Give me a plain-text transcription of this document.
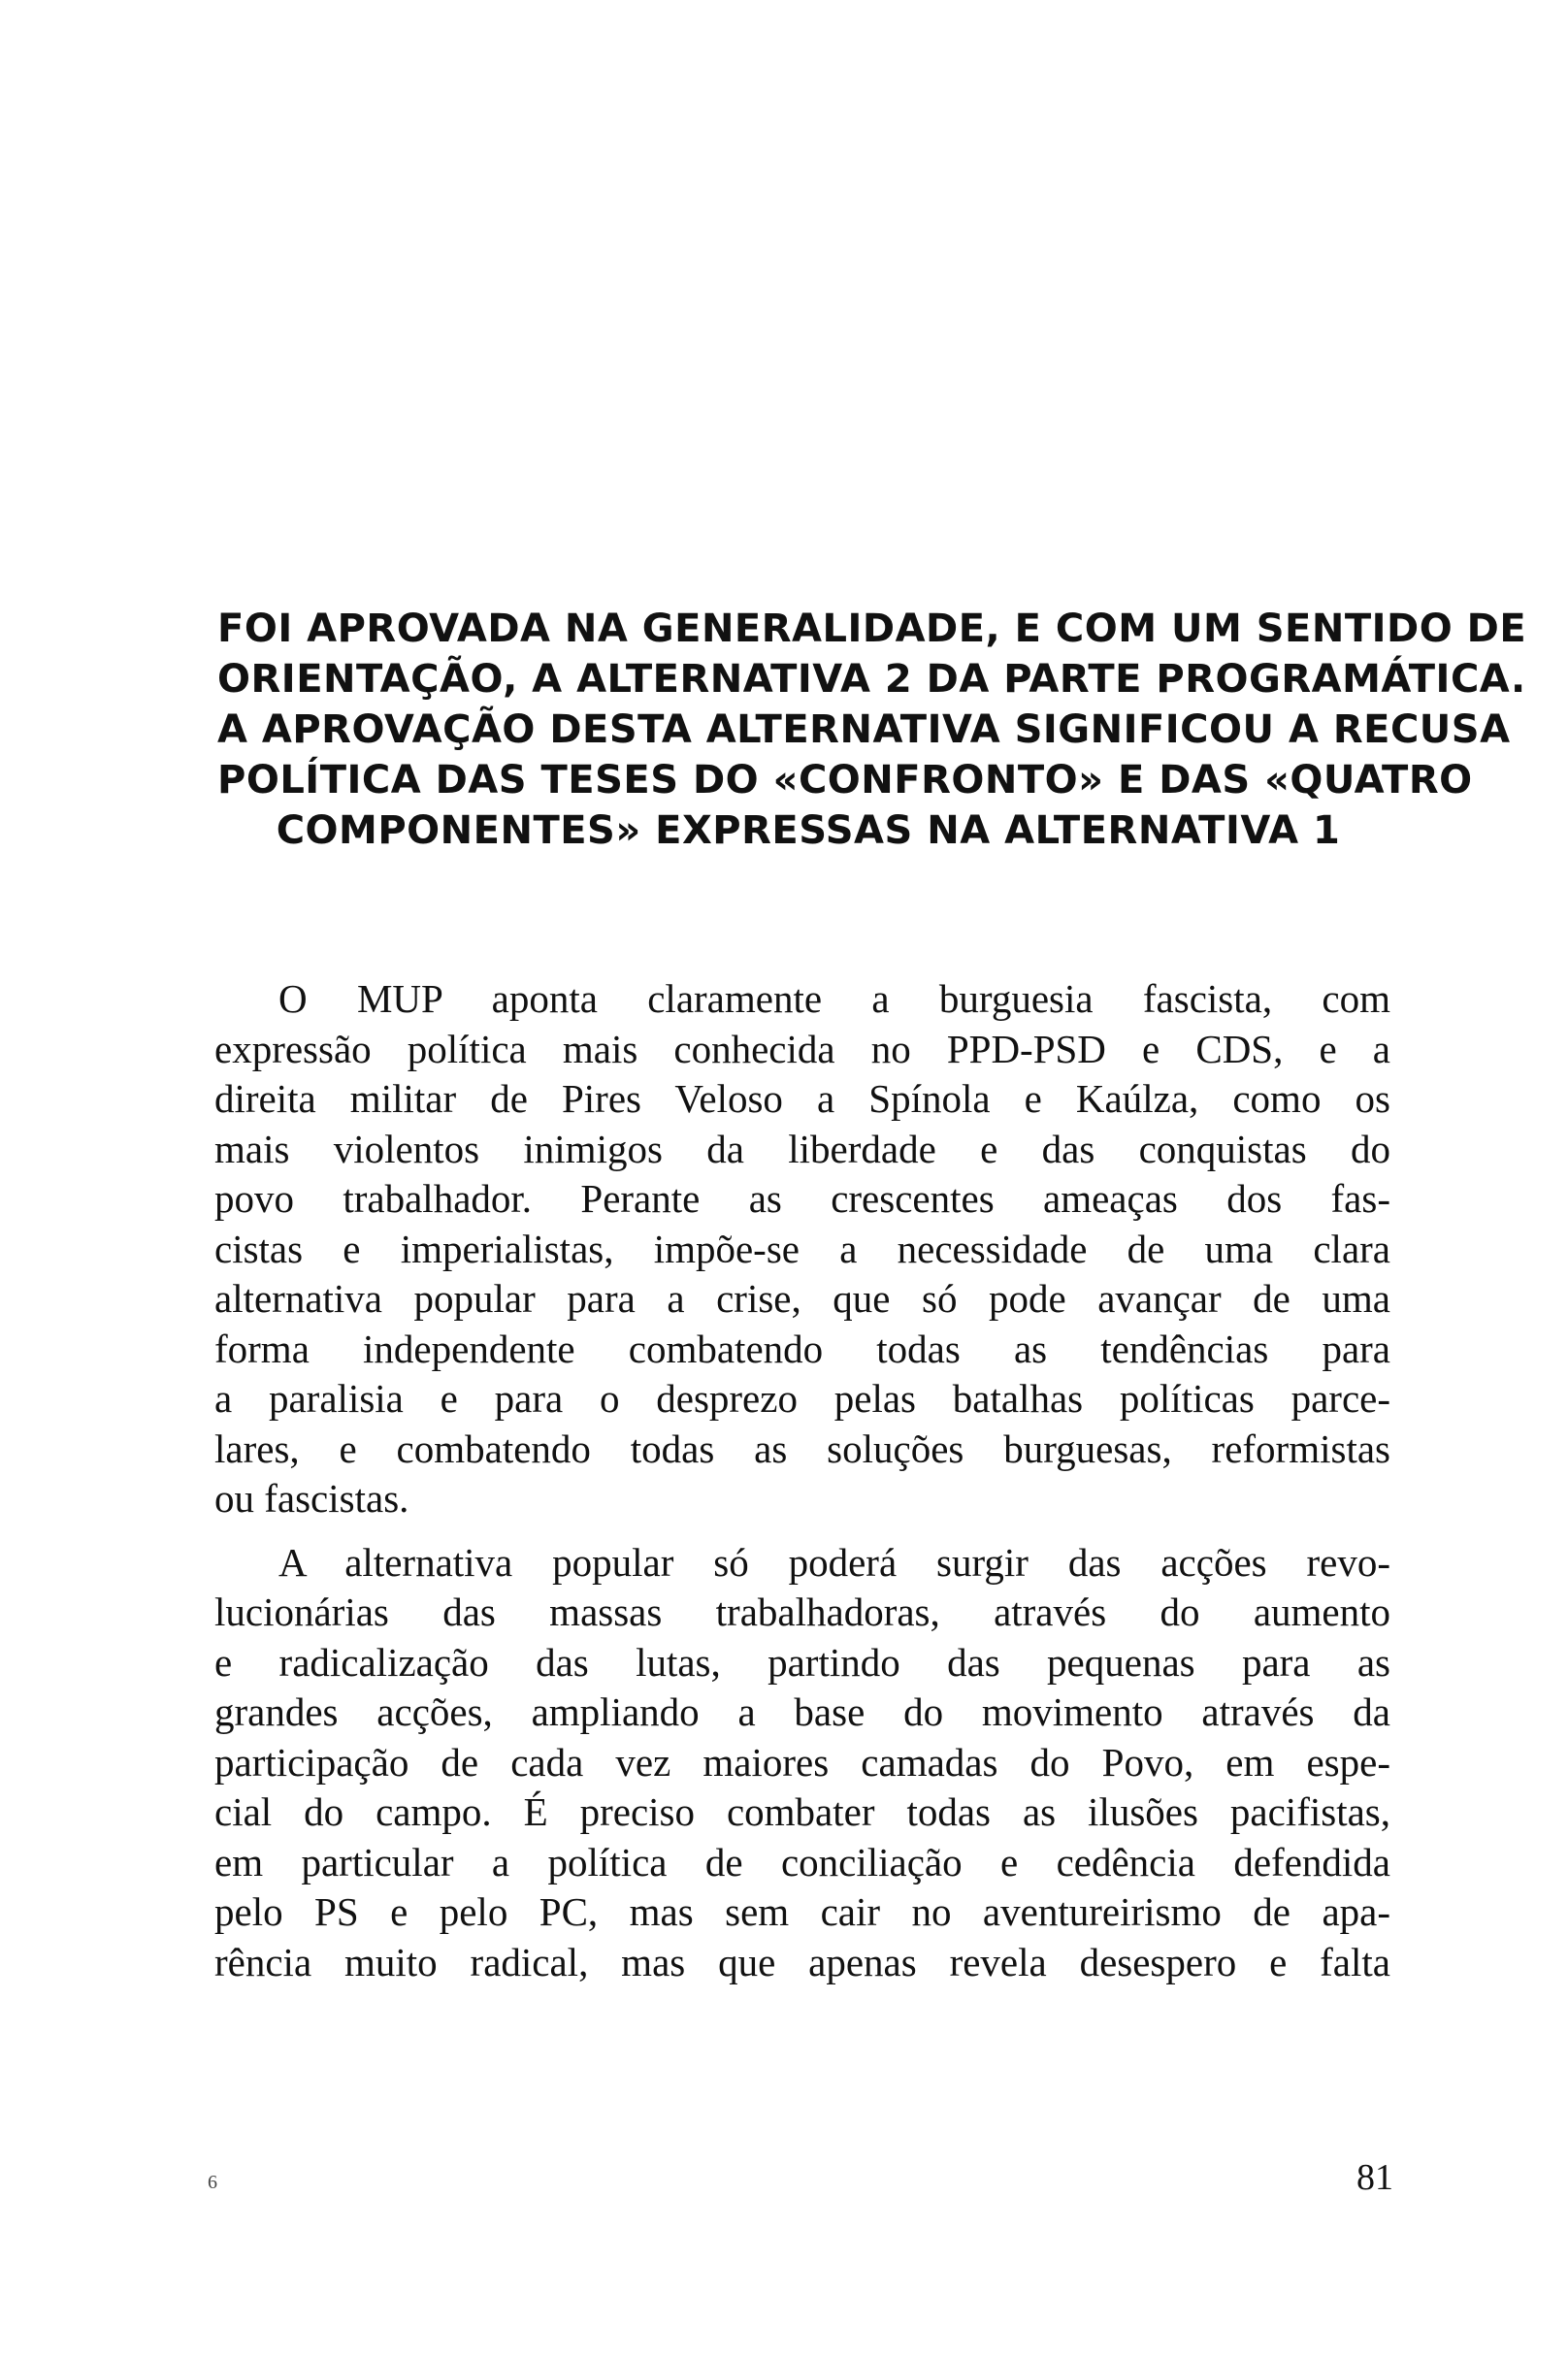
FOI APROVADA NA GENERALIDADE, E COM UM SENTIDO DE
ORIENTAÇÃO, A ALTERNATIVA 2 DA PARTE PROGRAMÁTICA.
A APROVAÇÃO DESTA ALTERNATIVA SIGNIFICOU A RECUSA
POLÍTICA DAS TESES DO «CONFRONTO» E DAS «QUATRO
COMPONENTES» EXPRESSAS NA ALTERNATIVA 1
O MUP aponta claramente a burguesia fascista, com
expressão política mais conhecida no PPD-PSD e CDS, e a
direita militar de Pires Veloso a Spínola e Kaúlza, como os
mais violentos inimigos da liberdade e das conquistas do
povo trabalhador. Perante as crescentes ameaças dos fas-
cistas e imperialistas, impõe-se a necessidade de uma clara
alternativa popular para a crise, que só pode avançar de uma
forma independente combatendo todas as tendências para
a paralisia e para o desprezo pelas batalhas políticas parce-
lares, e combatendo todas as soluções burguesas, reformistas
ou fascistas.
A alternativa popular só poderá surgir das acções revo-
lucionárias das massas trabalhadoras, através do aumento
e radicalização das lutas, partindo das pequenas para as
grandes acções, ampliando a base do movimento através da
participação de cada vez maiores camadas do Povo, em espe-
cial do campo. É preciso combater todas as ilusões pacifistas,
em particular a política de conciliação e cedência defendida
pelo PS e pelo PC, mas sem cair no aventureirismo de apa-
rência muito radical, mas que apenas revela desespero e falta
6	81
